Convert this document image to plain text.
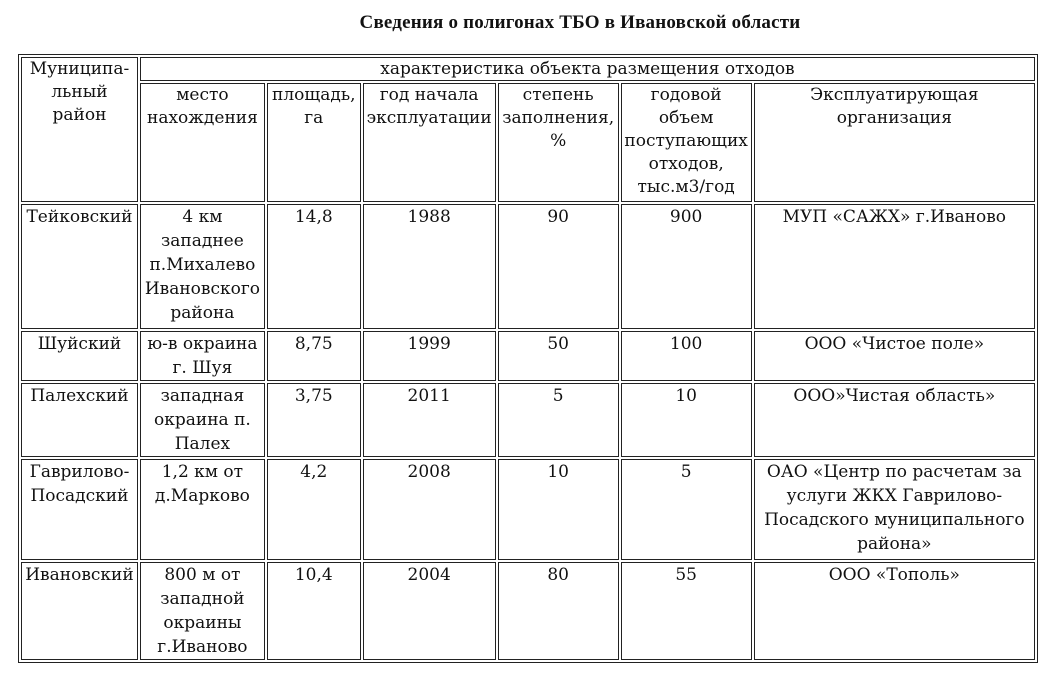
Сведения о полигонах ТБО в Ивановской области
Муниципа-льный район	характеристика объекта размещения отходов					
	место нахождения	площадь, га	год начала эксплуатации	степень заполнения, %	годовой объем поступающих отходов, тыс.м3/год	Эксплуатирующая организация
Тейковский	4 км западнее п.Михалево Ивановского района	14,8	1988	90	900	МУП «САЖХ» г.Иваново
Шуйский	ю-в окраина г. Шуя	8,75	1999	50	100	ООО «Чистое поле»
Палехский	западная окраина п. Палех	3,75	2011	5	10	ООО»Чистая область»
Гаврилово-Посадский	1,2 км от д.Марково	4,2	2008	10	5	ОАО «Центр по расчетам за услуги ЖКХ Гаврилово-Посадского муниципального района»
Ивановский	800 м от западной окраины г.Иваново	10,4	2004	80	55	ООО «Тополь»
